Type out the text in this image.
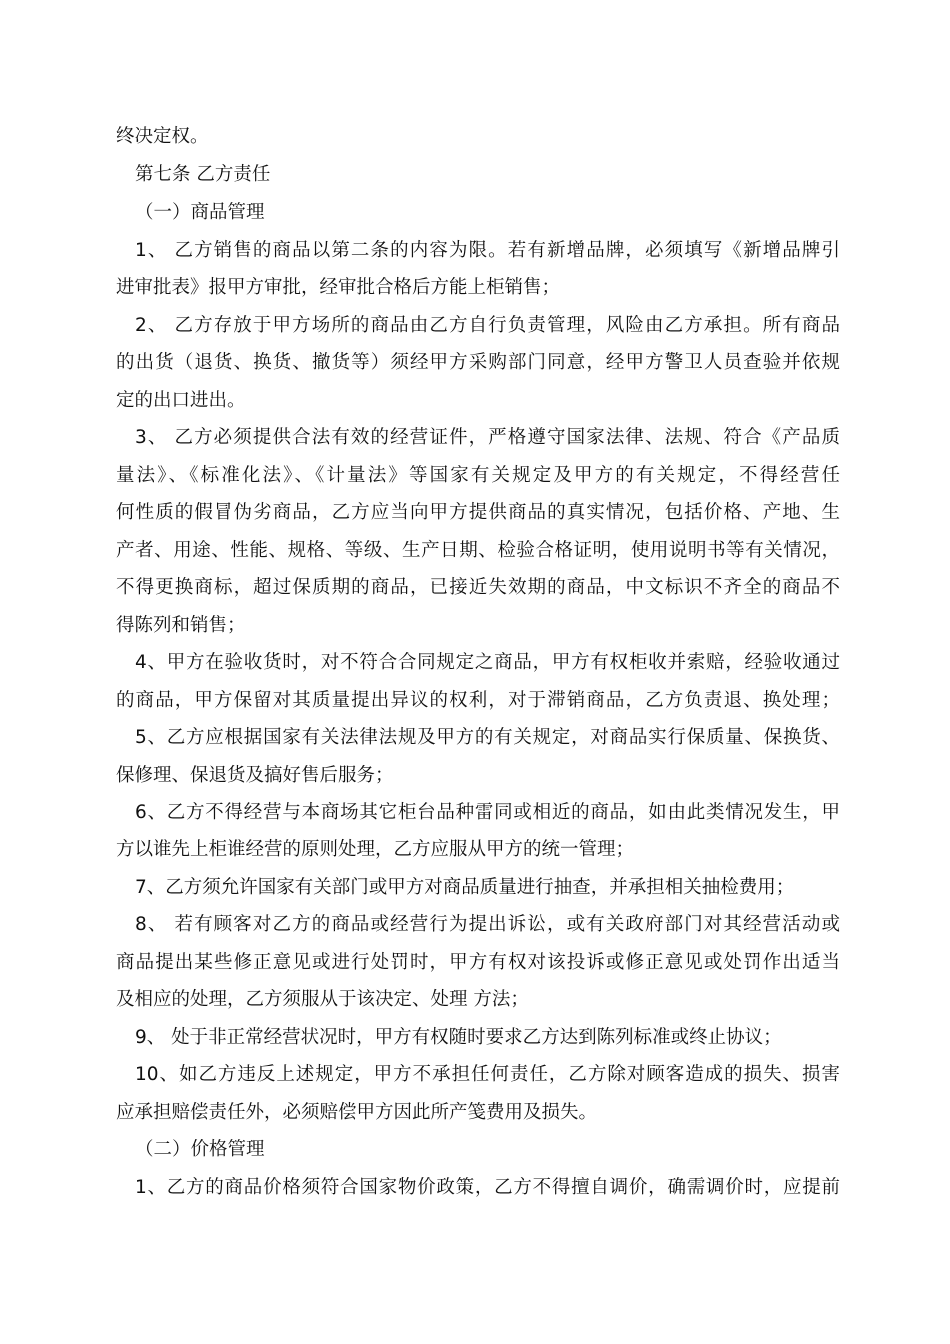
终决定权。
第七条 乙方责任
（一）商品管理
1、 乙方销售的商品以第二条的内容为限。若有新增品牌，必须填写《新增品牌引
进审批表》报甲方审批，经审批合格后方能上柜销售；
2、 乙方存放于甲方场所的商品由乙方自行负责管理，风险由乙方承担。所有商品
的出货（退货、换货、撤货等）须经甲方采购部门同意，经甲方警卫人员查验并依规
定的出口进出。
3、 乙方必须提供合法有效的经营证件，严格遵守国家法律、法规、符合《产品质
量法》、《标准化法》、《计量法》等国家有关规定及甲方的有关规定，不得经营任
何性质的假冒伪劣商品，乙方应当向甲方提供商品的真实情况，包括价格、产地、生
产者、用途、性能、规格、等级、生产日期、检验合格证明，使用说明书等有关情况，
不得更换商标，超过保质期的商品，已接近失效期的商品，中文标识不齐全的商品不
得陈列和销售；
4、甲方在验收货时，对不符合合同规定之商品，甲方有权柜收并索赔，经验收通过
的商品，甲方保留对其质量提出异议的权利，对于滞销商品，乙方负责退、换处理；
5、乙方应根据国家有关法律法规及甲方的有关规定，对商品实行保质量、保换货、
保修理、保退货及搞好售后服务；
6、乙方不得经营与本商场其它柜台品种雷同或相近的商品，如由此类情况发生，甲
方以谁先上柜谁经营的原则处理，乙方应服从甲方的统一管理；
7、乙方须允许国家有关部门或甲方对商品质量进行抽查，并承担相关抽检费用；
8、 若有顾客对乙方的商品或经营行为提出诉讼，或有关政府部门对其经营活动或
商品提出某些修正意见或进行处罚时，甲方有权对该投诉或修正意见或处罚作出适当
及相应的处理，乙方须服从于该决定、处理 方法；
9、 处于非正常经营状况时，甲方有权随时要求乙方达到陈列标准或终止协议；
10、如乙方违反上述规定，甲方不承担任何责任，乙方除对顾客造成的损失、损害
应承担赔偿责任外，必须赔偿甲方因此所产笺费用及损失。
（二）价格管理
1、乙方的商品价格须符合国家物价政策，乙方不得擅自调价，确需调价时，应提前
